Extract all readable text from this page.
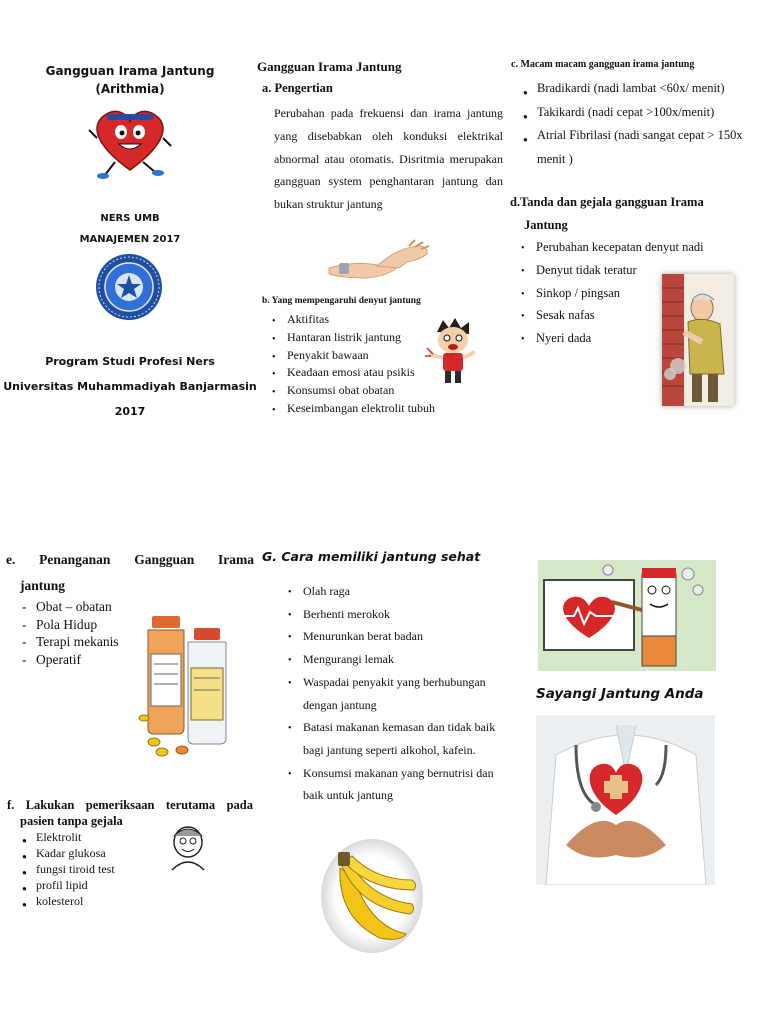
Gangguan Irama Jantung
(Arithmia)
NERS UMB
MANAJEMEN 2017
Program Studi Profesi Ners
Universitas Muhammadiyah Banjarmasin
2017
Gangguan Irama Jantung
a. Pengertian
Perubahan pada frekuensi dan irama jantung yang disebabkan oleh konduksi elektrikal abnormal atau otomatis. Disritmia merupakan gangguan system penghantaran jantung dan bukan struktur jantung
b. Yang mempengaruhi denyut jantung
• Aktifitas
• Hantaran listrik jantung
• Penyakit bawaan
• Keadaan emosi atau psikis
• Konsumsi obat obatan
• Keseimbangan elektrolit tubuh
c. Macam macam gangguan irama jantung
● Bradikardi (nadi lambat <60x/ menit)
● Takikardi (nadi cepat >100x/menit)
● Atrial Fibrilasi (nadi sangat cepat > 150x menit )
d.Tanda dan gejala gangguan Irama
Jantung
• Perubahan kecepatan denyut nadi
• Denyut tidak teratur
• Sinkop / pingsan
• Sesak nafas
• Nyeri dada
e. Penanganan Gangguan Irama
jantung
- Obat – obatan
- Pola Hidup
- Terapi mekanis
- Operatif
f. Lakukan pemeriksaan terutama pada
pasien tanpa gejala
● Elektrolit
● Kadar glukosa
● fungsi tiroid test
● profil lipid
● kolesterol
G. Cara memiliki jantung sehat
• Olah raga
• Berhenti merokok
• Menurunkan berat badan
• Mengurangi lemak
• Waspadai penyakit yang berhubungan dengan jantung
• Batasi makanan kemasan dan tidak baik bagi jantung seperti alkohol, kafein.
• Konsumsi makanan yang bernutrisi dan baik untuk jantung
Sayangi Jantung Anda
